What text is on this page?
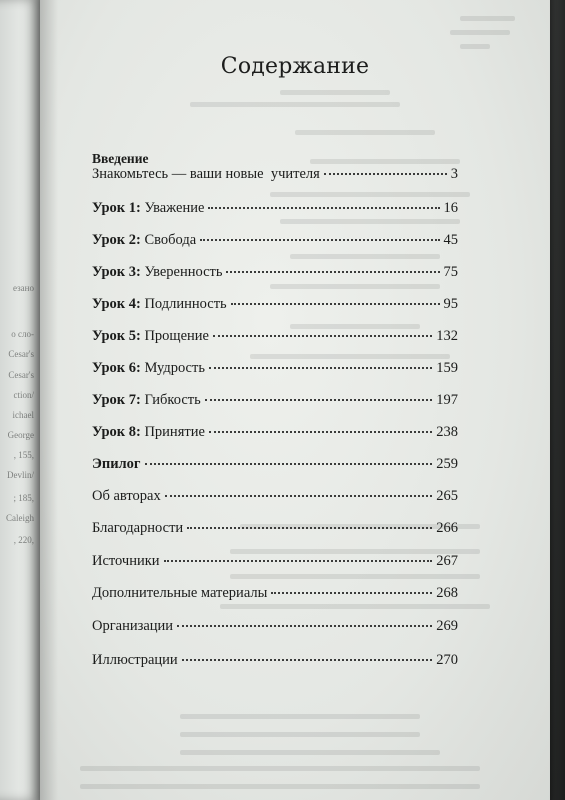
езано
о сло-
Cesar's
Cesar's
ction/
ichael
George
, 155,
Devlin/
; 185,
Caleigh
, 220,
Содержание
Введение
Знакомьтесь — ваши новые  учителя	3
Урок 1: Уважение	16
Урок 2: Свобода	45
Урок 3: Уверенность	75
Урок 4: Подлинность	95
Урок 5: Прощение	132
Урок 6: Мудрость	159
Урок 7: Гибкость	197
Урок 8: Принятие	238
Эпилог	259
Об авторах	265
Благодарности	266
Источники	267
Дополнительные материалы	268
Организации	269
Иллюстрации	270
